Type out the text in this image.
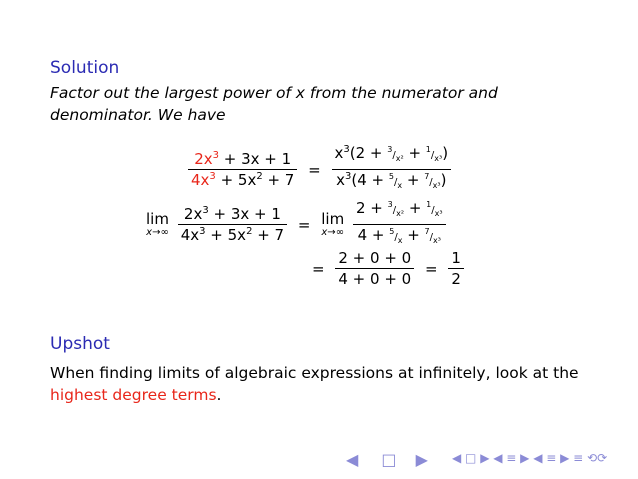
Solution
Factor out the largest power of x from the numerator and denominator. We have
$\frac{2x^3 + 3x + 1}{4x^3 + 5x^2 + 7} = \frac{x^3(2 + ^3/_{x^2} + ^1/_{x^3})}{x^3(4 + ^5/_x + ^7/_{x^3})}$
lim
x→∞
$\frac{2x^3 + 3x + 1}{4x^3 + 5x^2 + 7} = \lim$
x→∞
$\frac{2 + ^3/_{x^2} + ^1/_{x^3}}{4 + ^5/_x + ^7/_{x^3}}$
= $\frac{2 + 0 + 0}{4 + 0 + 0} = \frac{1}{2}$
Upshot
When finding limits of algebraic expressions at infinitely, look at the highest degree terms.
◀ □ ▶	◀ □ ▶ ◀ ≡ ▶ ◀ ≡ ▶ ≡ ⟲⟳
